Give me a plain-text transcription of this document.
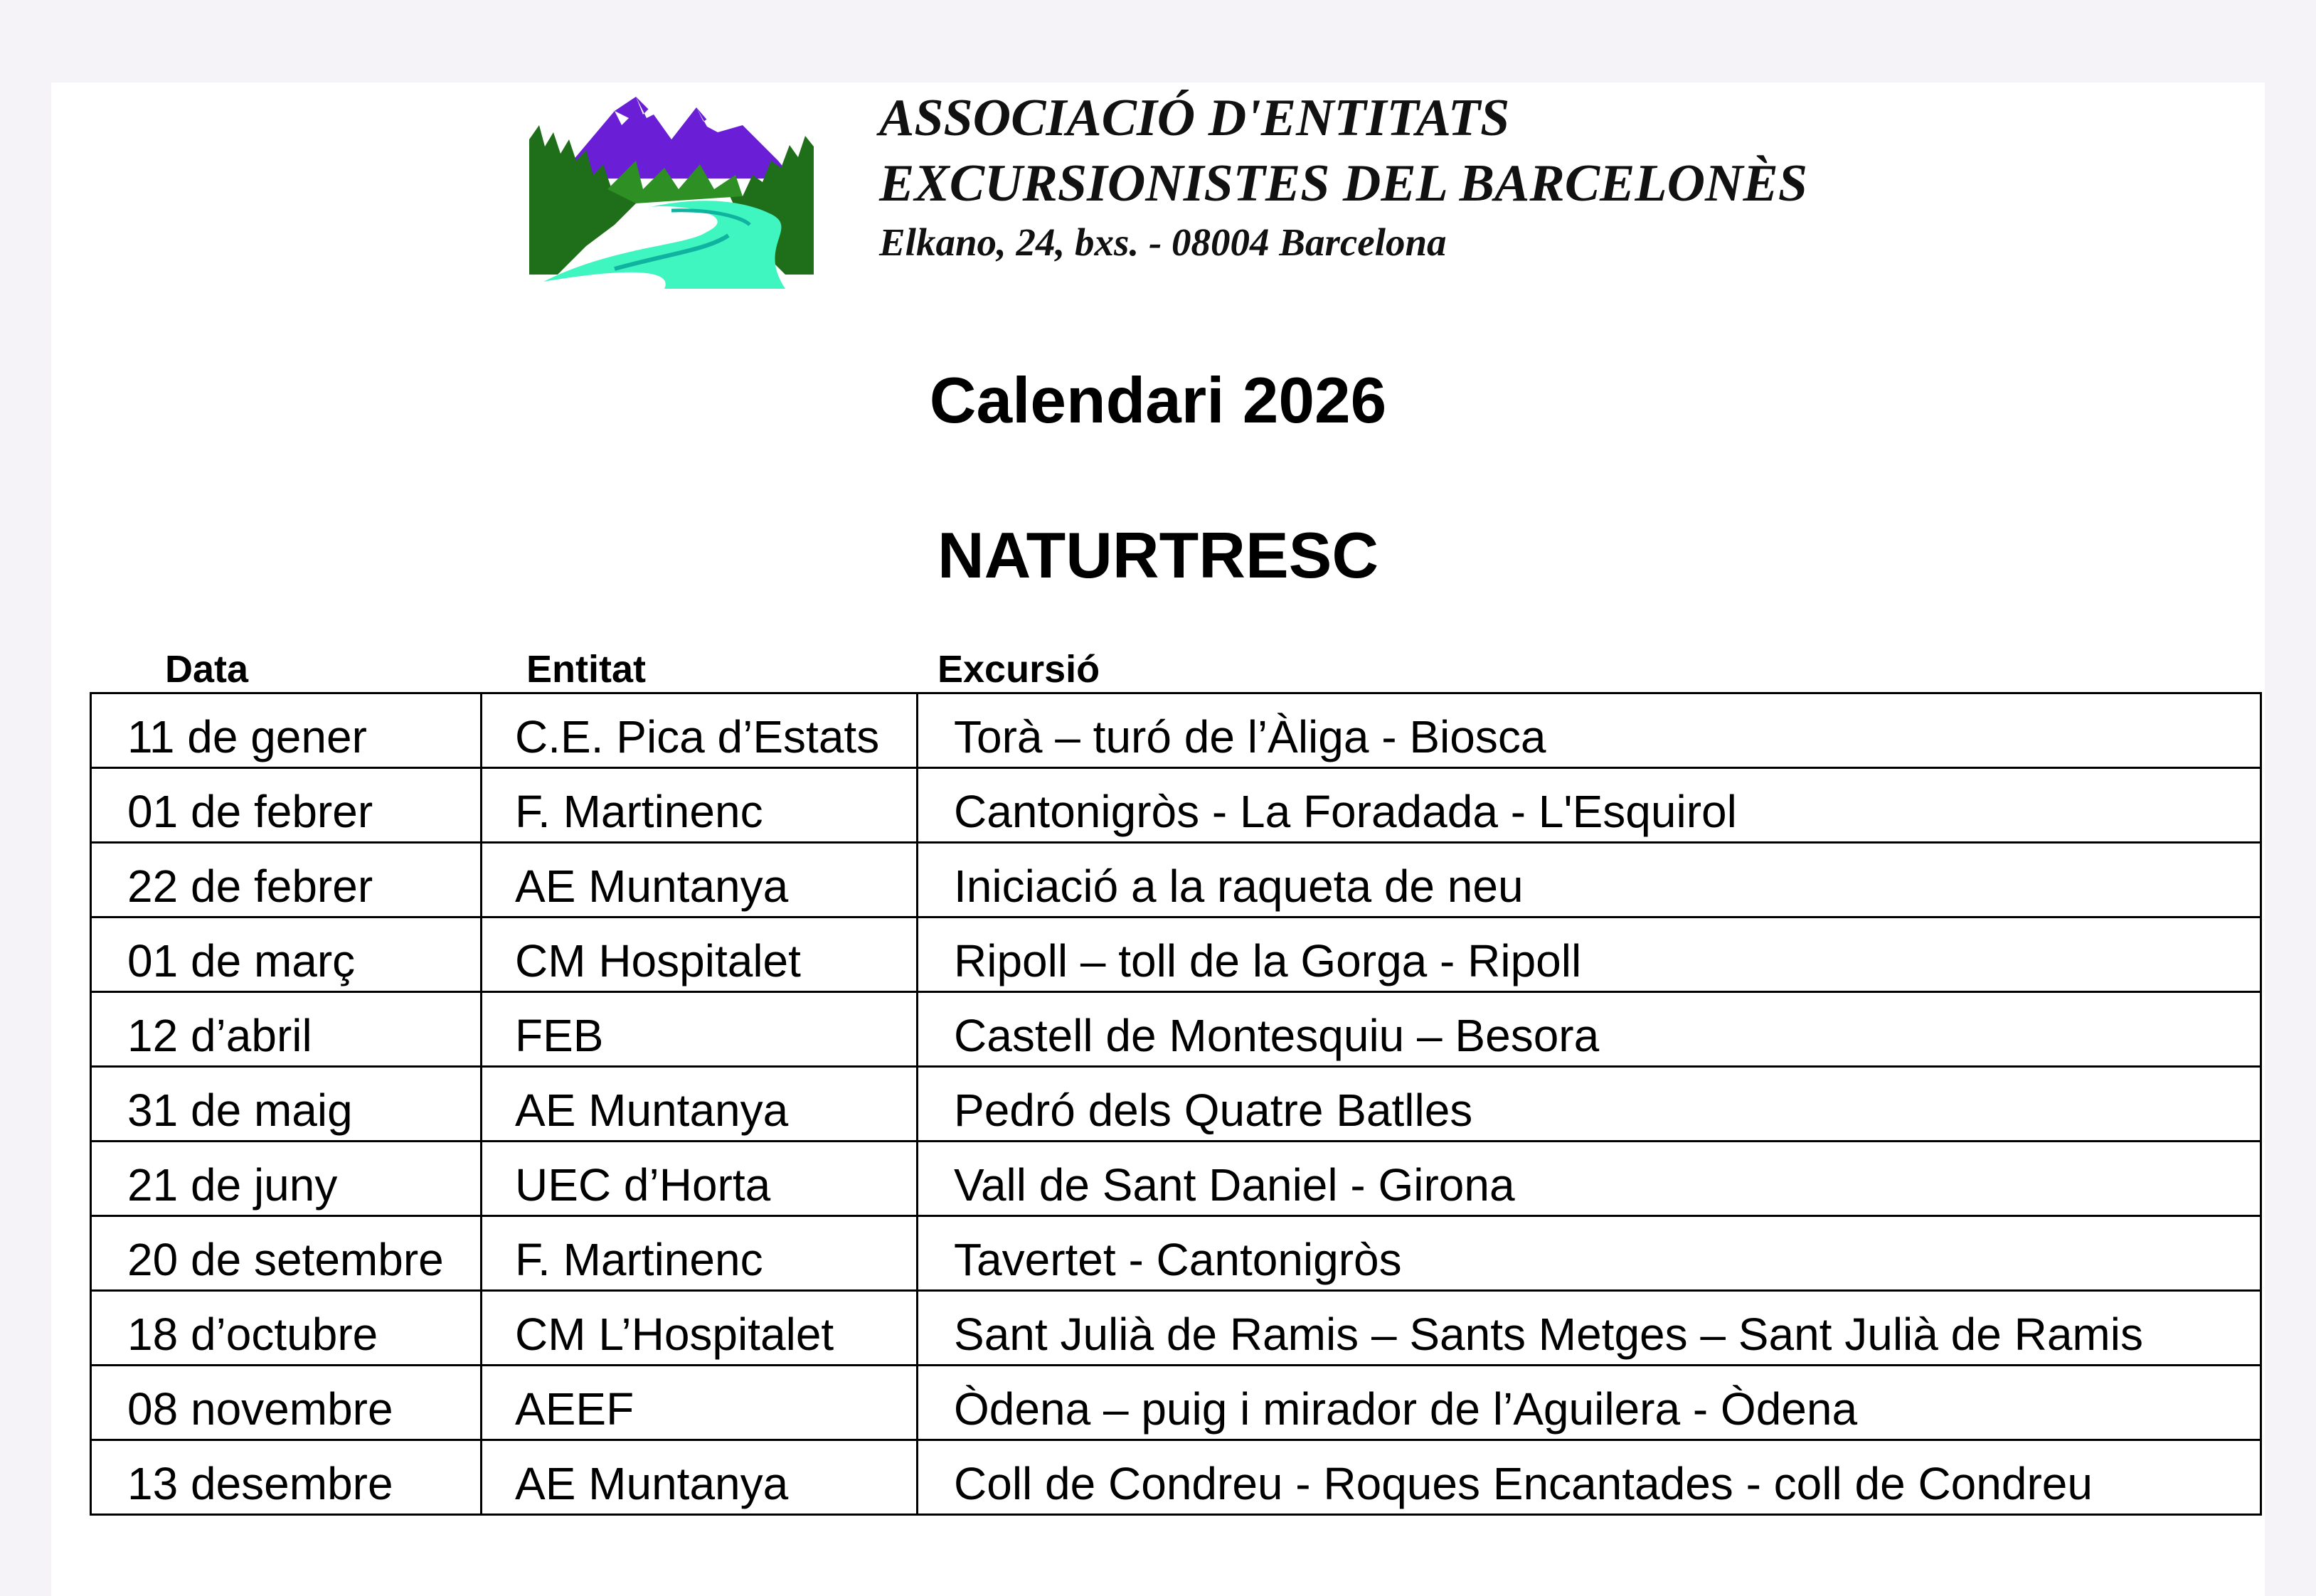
ASSOCIACIÓ D'ENTITATS
EXCURSIONISTES DEL BARCELONÈS
Elkano, 24, bxs. - 08004 Barcelona
Calendari 2026
NATURTRESC
Data	Entitat	Excursió
11 de gener	C.E. Pica d’Estats	Torà – turó de l’Àliga - Biosca
01 de febrer	F. Martinenc	Cantonigròs - La Foradada - L'Esquirol
22 de febrer	AE Muntanya	Iniciació a la raqueta de neu
01 de març	CM Hospitalet	Ripoll – toll de la Gorga - Ripoll
12 d’abril	FEB	Castell de Montesquiu – Besora
31 de maig	AE Muntanya	Pedró dels Quatre Batlles
21 de juny	UEC d’Horta	Vall de Sant Daniel - Girona
20 de setembre	F. Martinenc	Tavertet - Cantonigròs
18 d’octubre	CM L’Hospitalet	Sant Julià de Ramis – Sants Metges – Sant Julià de Ramis
08 novembre	AEEF	Òdena – puig i mirador de l’Aguilera - Òdena
13 desembre	AE Muntanya	Coll de Condreu - Roques Encantades - coll de Condreu
